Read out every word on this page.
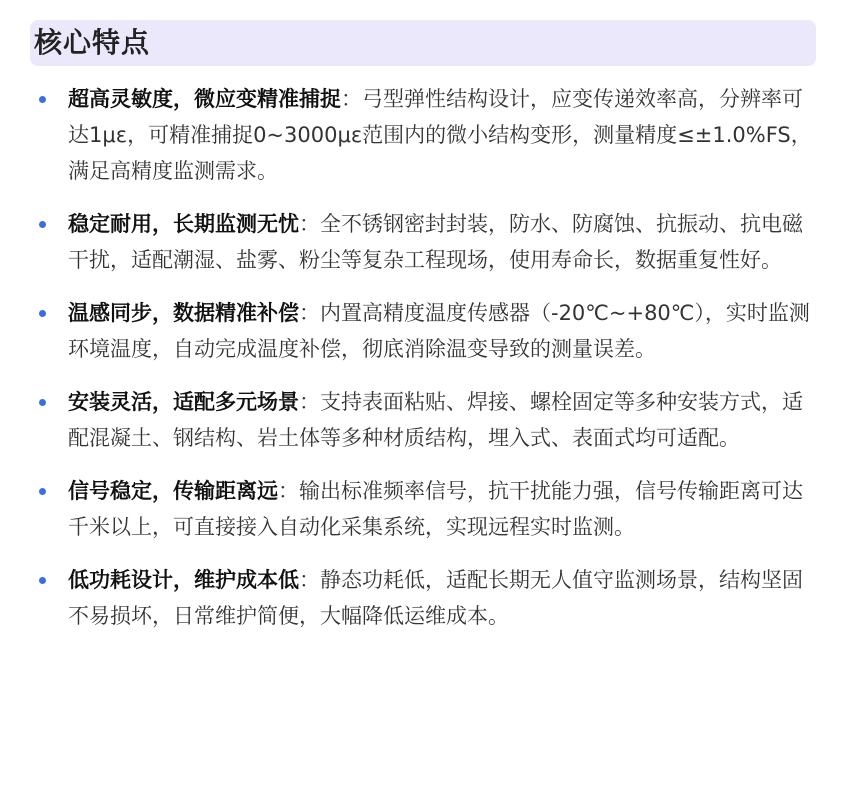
核心特点
超高灵敏度，微应变精准捕捉：弓型弹性结构设计，应变传递效率高，分辨率可达1με，可精准捕捉0~3000με范围内的微小结构变形，测量精度≤±1.0%FS，满足高精度监测需求。
稳定耐用，长期监测无忧：全不锈钢密封封装，防水、防腐蚀、抗振动、抗电磁干扰，适配潮湿、盐雾、粉尘等复杂工程现场，使用寿命长，数据重复性好。
温感同步，数据精准补偿：内置高精度温度传感器（-20℃~+80℃），实时监测环境温度，自动完成温度补偿，彻底消除温变导致的测量误差。
安装灵活，适配多元场景：支持表面粘贴、焊接、螺栓固定等多种安装方式，适配混凝土、钢结构、岩土体等多种材质结构，埋入式、表面式均可适配。
信号稳定，传输距离远：输出标准频率信号，抗干扰能力强，信号传输距离可达千米以上，可直接接入自动化采集系统，实现远程实时监测。
低功耗设计，维护成本低：静态功耗低，适配长期无人值守监测场景，结构坚固不易损坏，日常维护简便，大幅降低运维成本。
